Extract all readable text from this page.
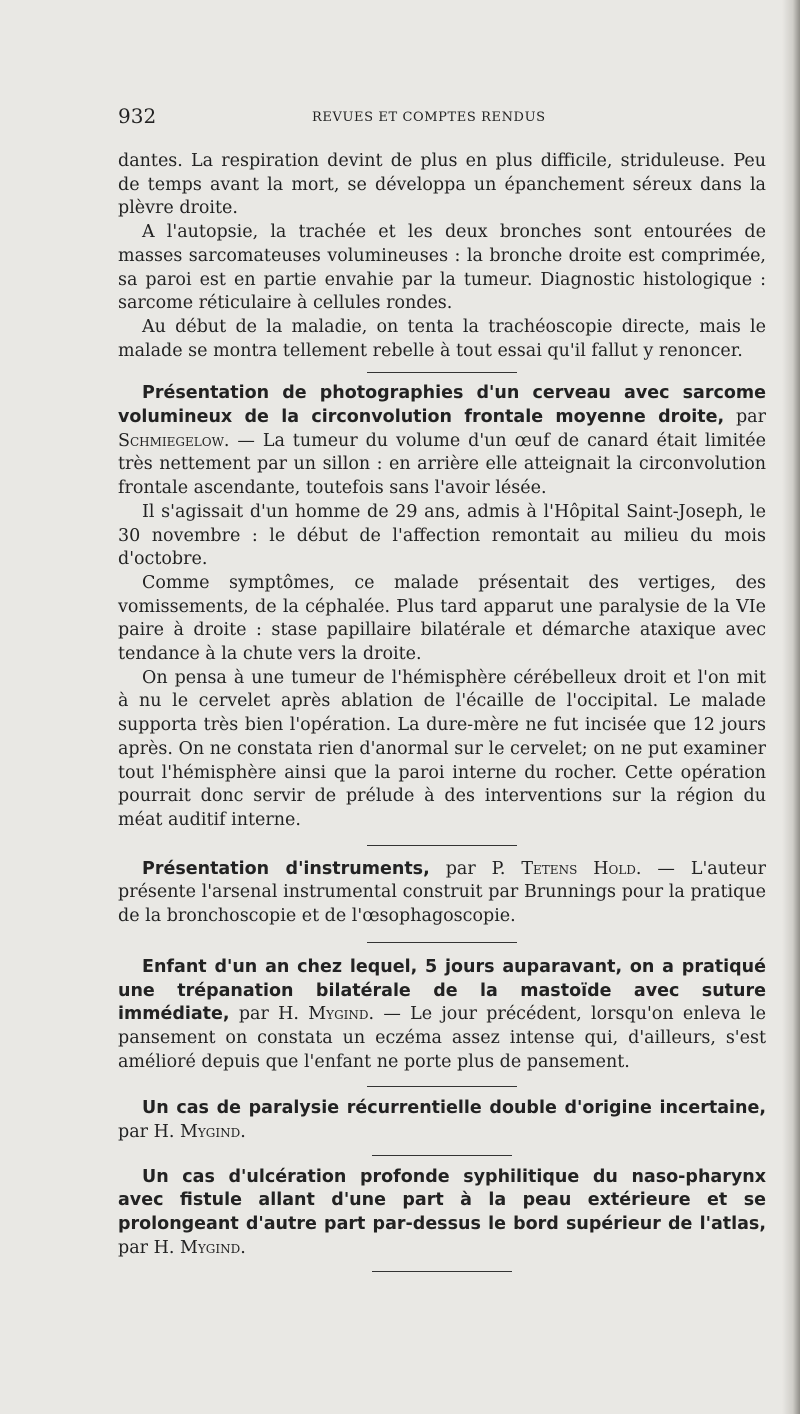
932	REVUES ET COMPTES RENDUS

dantes. La respiration devint de plus en plus difficile, striduleuse. Peu de temps avant la mort, se développa un épanchement séreux dans la plèvre droite.

A l'autopsie, la trachée et les deux bronches sont entourées de masses sarcomateuses volumineuses : la bronche droite est comprimée, sa paroi est en partie envahie par la tumeur. Diagnostic histologique : sarcome réticulaire à cellules rondes.

Au début de la maladie, on tenta la trachéoscopie directe, mais le malade se montra tellement rebelle à tout essai qu'il fallut y renoncer.

Présentation de photographies d'un cerveau avec sarcome volumineux de la circonvolution frontale moyenne droite, par Schmiegelow. — La tumeur du volume d'un œuf de canard était limitée très nettement par un sillon : en arrière elle atteignait la circonvolution frontale ascendante, toutefois sans l'avoir lésée.

Il s'agissait d'un homme de 29 ans, admis à l'Hôpital Saint-Joseph, le 30 novembre : le début de l'affection remontait au milieu du mois d'octobre.

Comme symptômes, ce malade présentait des vertiges, des vomissements, de la céphalée. Plus tard apparut une paralysie de la VIe paire à droite : stase papillaire bilatérale et démarche ataxique avec tendance à la chute vers la droite.

On pensa à une tumeur de l'hémisphère cérébelleux droit et l'on mit à nu le cervelet après ablation de l'écaille de l'occipital. Le malade supporta très bien l'opération. La dure-mère ne fut incisée que 12 jours après. On ne constata rien d'anormal sur le cervelet; on ne put examiner tout l'hémisphère ainsi que la paroi interne du rocher. Cette opération pourrait donc servir de prélude à des interventions sur la région du méat auditif interne.

Présentation d'instruments, par P. Tetens Hold. — L'auteur présente l'arsenal instrumental construit par Brunnings pour la pratique de la bronchoscopie et de l'œsophagoscopie.

Enfant d'un an chez lequel, 5 jours auparavant, on a pratiqué une trépanation bilatérale de la mastoïde avec suture immédiate, par H. Mygind. — Le jour précédent, lorsqu'on enleva le pansement on constata un eczéma assez intense qui, d'ailleurs, s'est amélioré depuis que l'enfant ne porte plus de pansement.

Un cas de paralysie récurrentielle double d'origine incertaine, par H. Mygind.

Un cas d'ulcération profonde syphilitique du naso-pharynx avec fistule allant d'une part à la peau extérieure et se prolongeant d'autre part par-dessus le bord supérieur de l'atlas, par H. Mygind.
